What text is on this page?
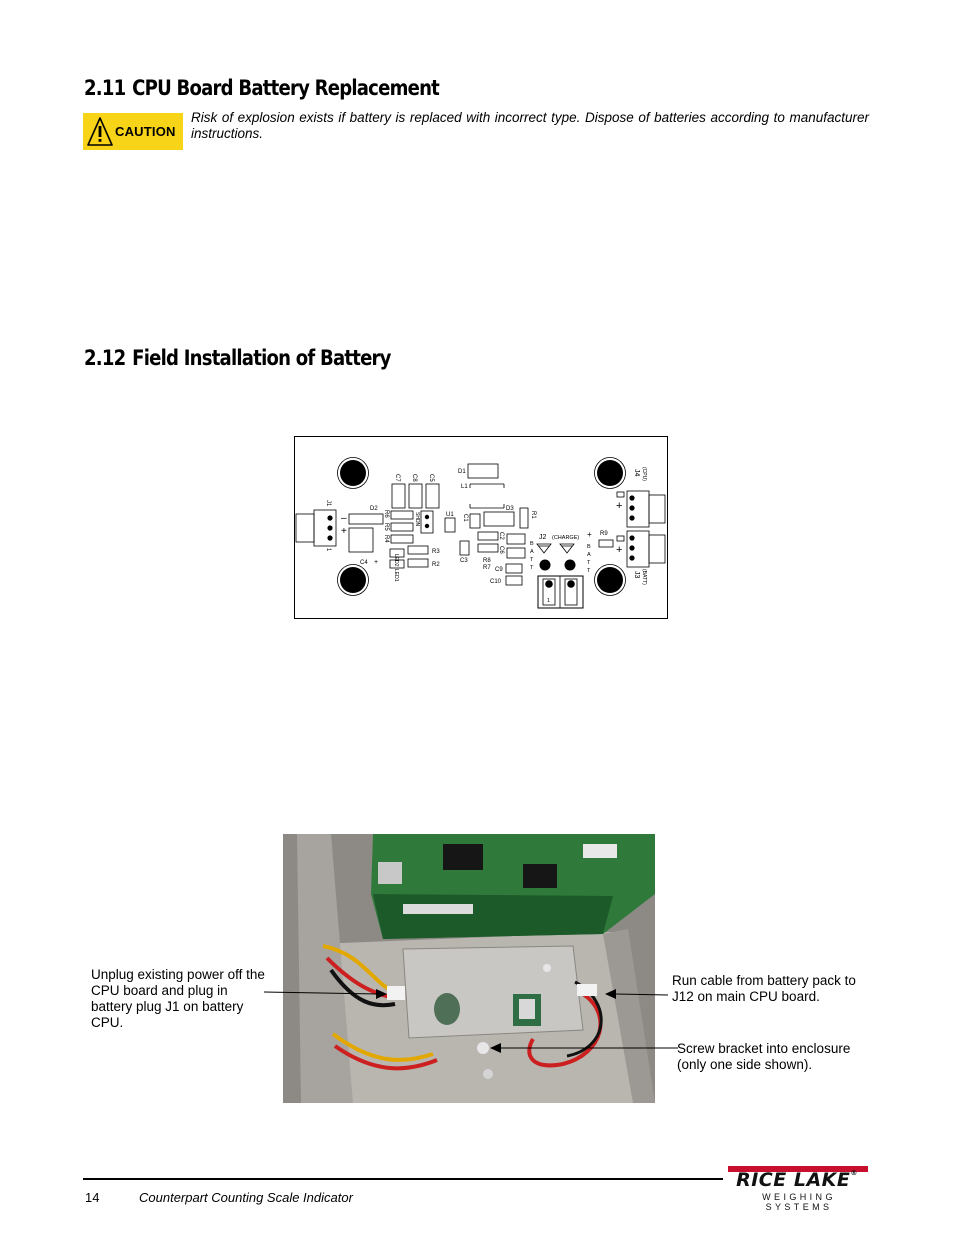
2.11 CPU Board Battery Replacement
CAUTION

Risk of explosion exists if battery is replaced with incorrect type. Dispose of batteries according to manufacturer instructions.

2.12 Field Installation of Battery
J1
1
+
–
D2
C4 +
C7 C8 C5
R6
R5
R4
SHDN
LED2
LED1
R3
R2
D1
L1
U1 C1
D3
R1
C3
C2
C6
R8
R7 C9
C10
J2 (CHARGE)
B
A
T
T
1
+
B
A
T
T
R9
+
J4 (CPU)
+
J3 (BATT)

Unplug existing power off the CPU board and plug in battery plug J1 on battery CPU.

Run cable from battery pack to J12 on main CPU board.

Screw bracket into enclosure (only one side shown).

14	Counterpart Counting Scale Indicator
RICE LAKE®
WEIGHING SYSTEMS
